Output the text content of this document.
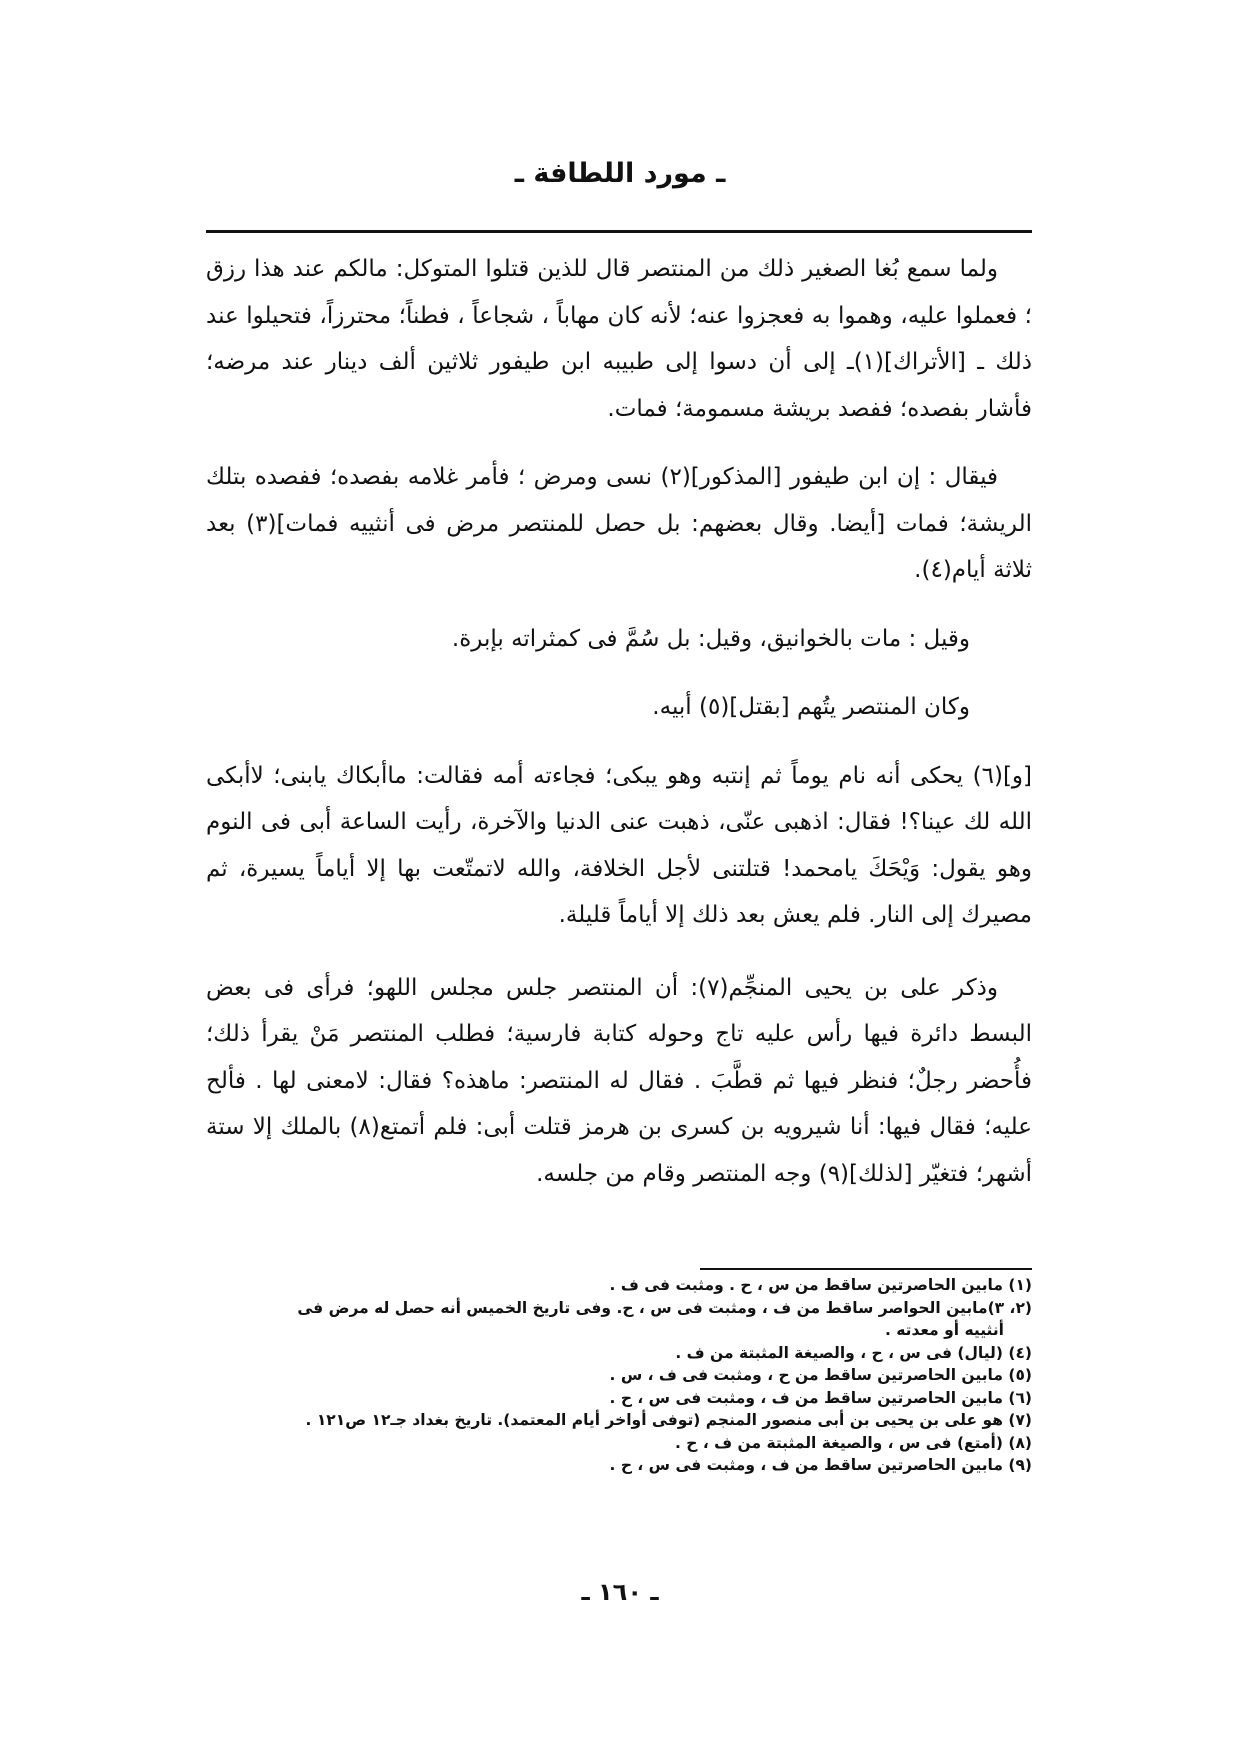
ـ مورد اللطافة ـ

ولما سمع بُغا الصغير ذلك من المنتصر قال للذين قتلوا المتوكل: مالكم عند هذا رزق ؛ فعملوا عليه، وهموا به فعجزوا عنه؛ لأنه كان مهاباً ، شجاعاً ، فطناً؛ محترزاً، فتحيلوا عند ذلك ـ [الأتراك](١)ـ إلى أن دسوا إلى طبيبه ابن طيفور ثلاثين ألف دينار عند مرضه؛ فأشار بفصده؛ ففصد بريشة مسمومة؛ فمات.

فيقال : إن ابن طيفور [المذكور](٢) نسى ومرض ؛ فأمر غلامه بفصده؛ ففصده بتلك الريشة؛ فمات [أيضا. وقال بعضهم: بل حصل للمنتصر مرض فى أنثييه فمات](٣) بعد ثلاثة أيام(٤).

وقيل : مات بالخوانيق، وقيل: بل سُمَّ فى كمثراته بإبرة.

وكان المنتصر يتُهم [بقتل](٥) أبيه.

[و](٦) يحكى أنه نام يوماً ثم إنتبه وهو يبكى؛ فجاءته أمه فقالت: ماأبكاك يابنى؛ لاأبكى الله لك عينا؟! فقال: اذهبى عنّى، ذهبت عنى الدنيا والآخرة، رأيت الساعة أبى فى النوم وهو يقول: وَيْحَكَ يامحمد! قتلتنى لأجل الخلافة، والله لاتمتّعت بها إلا أياماً يسيرة، ثم مصيرك إلى النار. فلم يعش بعد ذلك إلا أياماً قليلة.

وذكر على بن يحيى المنجِّم(٧): أن المنتصر جلس مجلس اللهو؛ فرأى فى بعض البسط دائرة فيها رأس عليه تاج وحوله كتابة فارسية؛ فطلب المنتصر مَنْ يقرأ ذلك؛ فأُحضر رجلٌ؛ فنظر فيها ثم قطَّبَ . فقال له المنتصر: ماهذه؟ فقال: لامعنى لها . فألح عليه؛ فقال فيها: أنا شيرويه بن كسرى بن هرمز قتلت أبى: فلم أتمتع(٨) بالملك إلا ستة أشهر؛ فتغيّر [لذلك](٩) وجه المنتصر وقام من جلسه.

(١) مابين الحاصرتين ساقط من س ، ح . ومثبت فى ف .

(٢، ٣)مابين الحواصر ساقط من ف ، ومثبت فى س ، ح. وفى تاريخ الخميس أنه حصل له مرض فى

أنثييه أو معدته .

(٤) (ليال) فى س ، ح ، والصيغة المثبتة من ف .

(٥) مابين الحاصرتين ساقط من ح ، ومثبت فى ف ، س .

(٦) مابين الحاصرتين ساقط من ف ، ومثبت فى س ، ح .

(٧) هو على بن يحيى بن أبى منصور المنجم (توفى أواخر أيام المعتمد). تاريخ بغداد جـ١٢ ص١٢١ .

(٨) (أمتع) فى س ، والصيغة المثبتة من ف ، ح .

(٩) مابين الحاصرتين ساقط من ف ، ومثبت فى س ، ح .

ـ ١٦٠ ـ
